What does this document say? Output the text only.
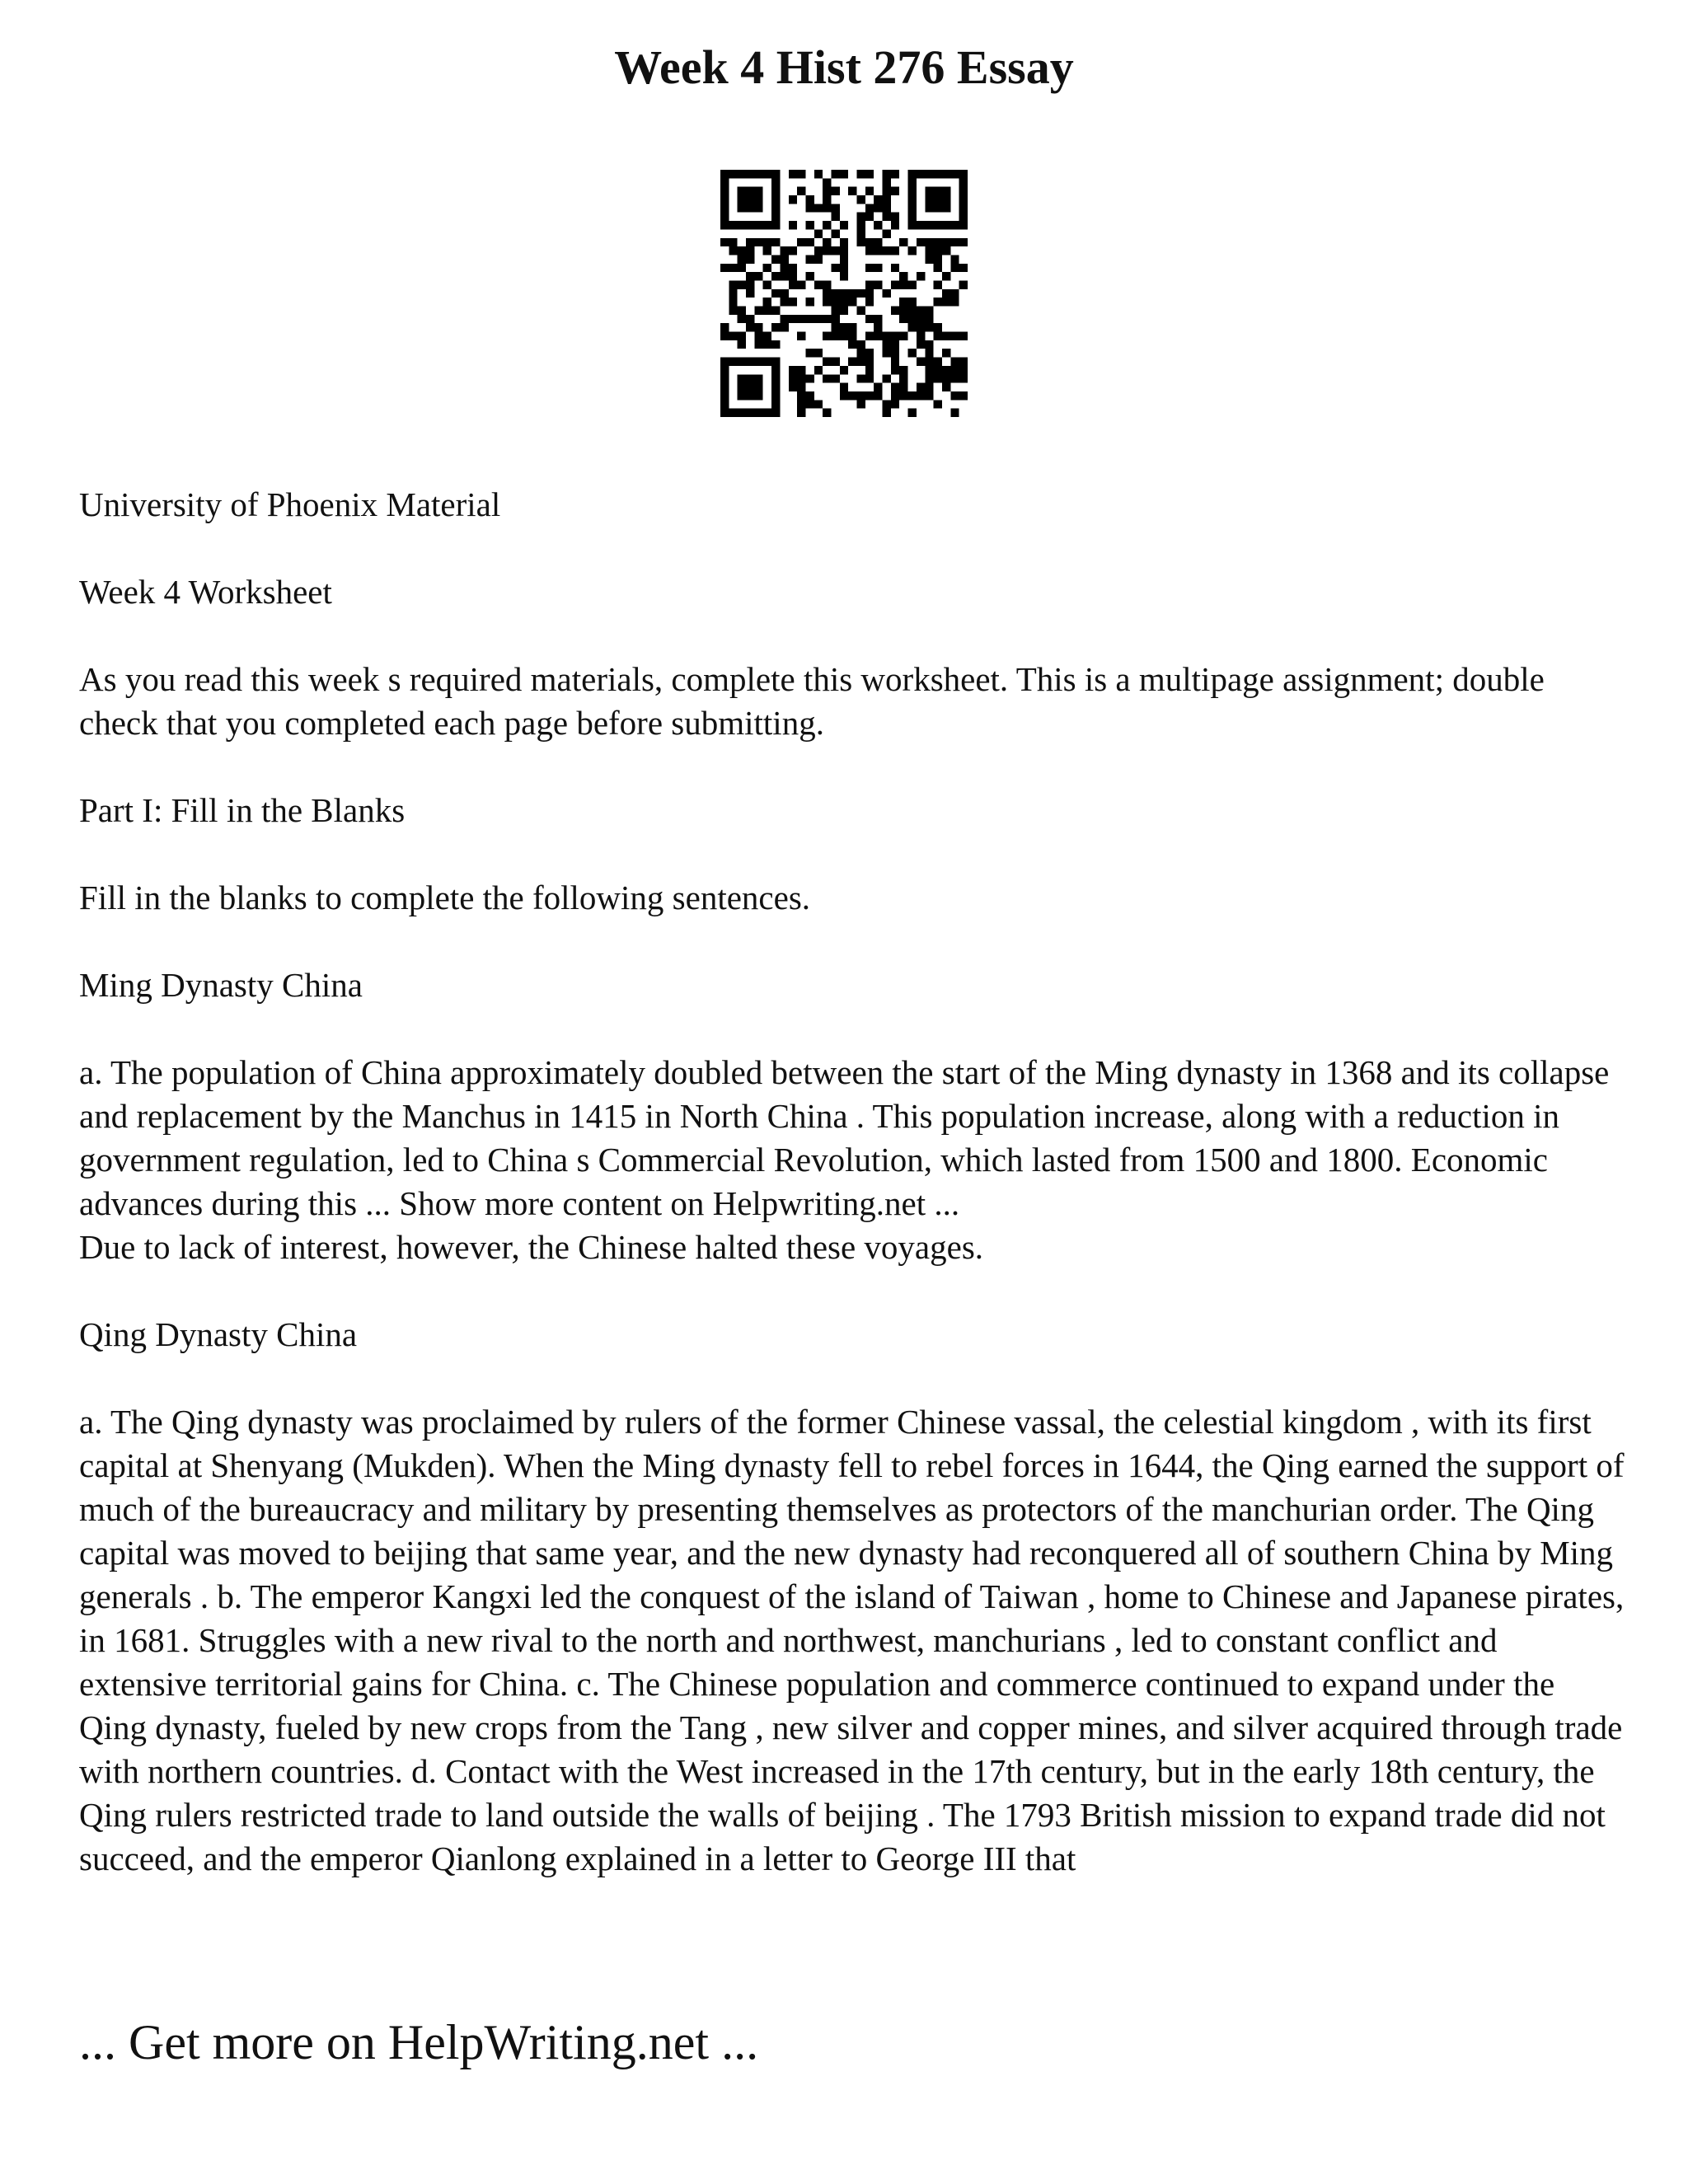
Week 4 Hist 276 Essay

University of Phoenix Material

Week 4 Worksheet

As you read this week s required materials, complete this worksheet. This is a multipage assignment; double check that you completed each page before submitting.

Part I: Fill in the Blanks

Fill in the blanks to complete the following sentences.

Ming Dynasty China

a. The population of China approximately doubled between the start of the Ming dynasty in 1368 and its collapse and replacement by the Manchus in 1415 in North China . This population increase, along with a reduction in government regulation, led to China s Commercial Revolution, which lasted from 1500 and 1800. Economic advances during this ... Show more content on Helpwriting.net ...

Due to lack of interest, however, the Chinese halted these voyages.

Qing Dynasty China

a. The Qing dynasty was proclaimed by rulers of the former Chinese vassal, the celestial kingdom , with its first capital at Shenyang (Mukden). When the Ming dynasty fell to rebel forces in 1644, the Qing earned the support of much of the bureaucracy and military by presenting themselves as protectors of the manchurian order. The Qing capital was moved to beijing that same year, and the new dynasty had reconquered all of southern China by Ming generals . b. The emperor Kangxi led the conquest of the island of Taiwan , home to Chinese and Japanese pirates, in 1681. Struggles with a new rival to the north and northwest, manchurians , led to constant conflict and extensive territorial gains for China. c. The Chinese population and commerce continued to expand under the Qing dynasty, fueled by new crops from the Tang , new silver and copper mines, and silver acquired through trade with northern countries. d. Contact with the West increased in the 17th century, but in the early 18th century, the Qing rulers restricted trade to land outside the walls of beijing . The 1793 British mission to expand trade did not succeed, and the emperor Qianlong explained in a letter to George III that

... Get more on HelpWriting.net ...
